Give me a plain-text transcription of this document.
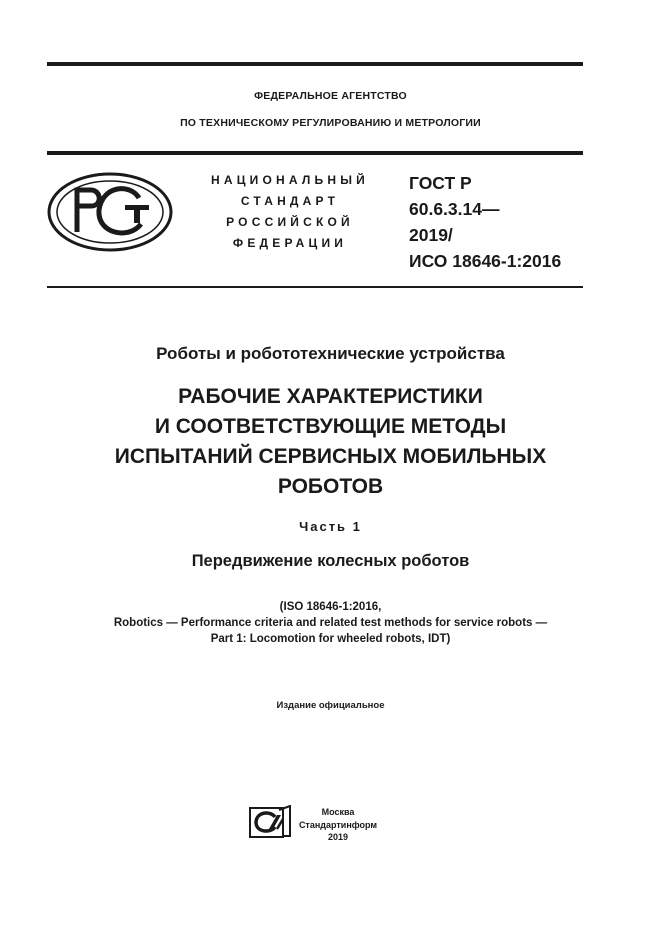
ФЕДЕРАЛЬНОЕ АГЕНТСТВО
ПО ТЕХНИЧЕСКОМУ РЕГУЛИРОВАНИЮ И МЕТРОЛОГИИ
НАЦИОНАЛЬНЫЙ
СТАНДАРТ
РОССИЙСКОЙ
ФЕДЕРАЦИИ
ГОСТ Р
60.6.3.14—
2019/
ИСО 18646-1:2016
Роботы и робототехнические устройства
РАБОЧИЕ ХАРАКТЕРИСТИКИ
И СООТВЕТСТВУЮЩИЕ МЕТОДЫ
ИСПЫТАНИЙ СЕРВИСНЫХ МОБИЛЬНЫХ
РОБОТОВ
Часть 1
Передвижение колесных роботов
(ISO 18646-1:2016,
Robotics — Performance criteria and related test methods for service robots —
Part 1: Locomotion for wheeled robots, IDT)
Издание официальное
Москва
Стандартинформ
2019
